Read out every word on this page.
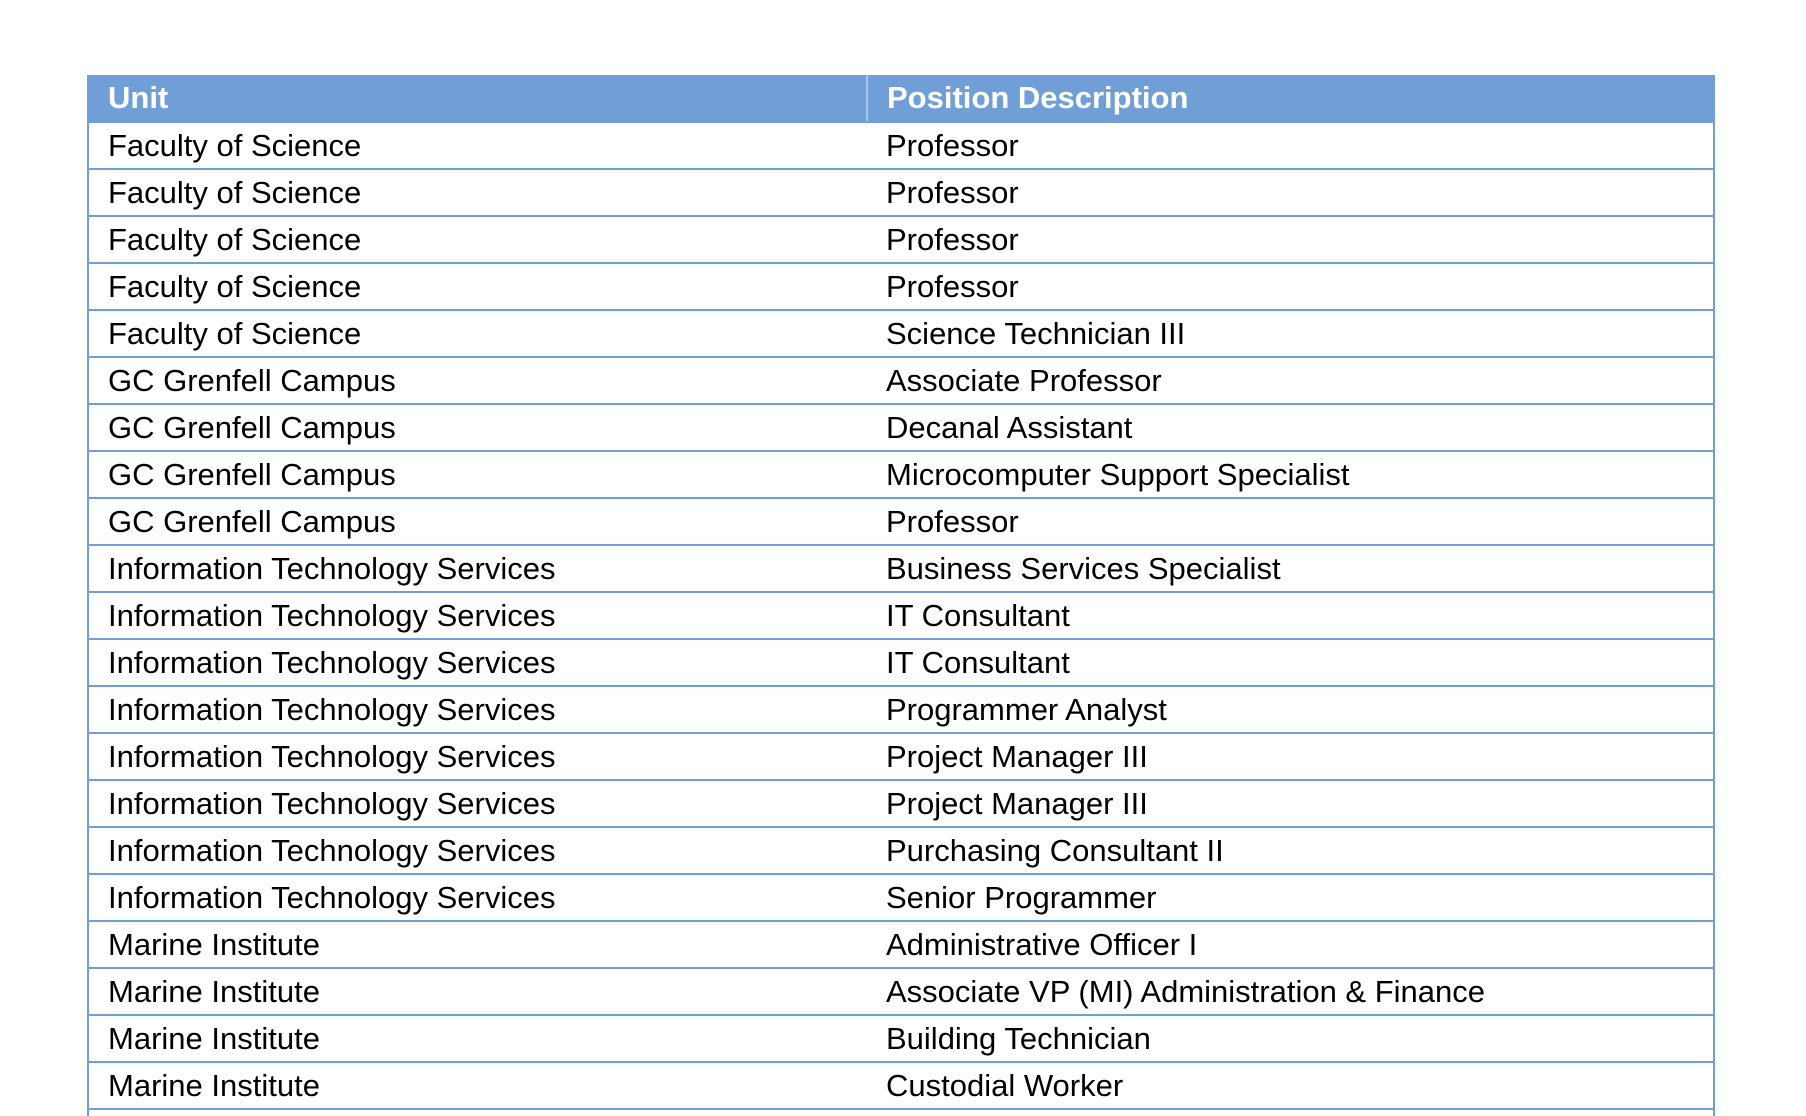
Unit	Position Description
Faculty of Science	Professor
Faculty of Science	Professor
Faculty of Science	Professor
Faculty of Science	Professor
Faculty of Science	Science Technician III
GC Grenfell Campus	Associate Professor
GC Grenfell Campus	Decanal Assistant
GC Grenfell Campus	Microcomputer Support Specialist
GC Grenfell Campus	Professor
Information Technology Services	Business Services Specialist
Information Technology Services	IT Consultant
Information Technology Services	IT Consultant
Information Technology Services	Programmer Analyst
Information Technology Services	Project Manager III
Information Technology Services	Project Manager III
Information Technology Services	Purchasing Consultant II
Information Technology Services	Senior Programmer
Marine Institute	Administrative Officer I
Marine Institute	Associate VP (MI) Administration & Finance
Marine Institute	Building Technician
Marine Institute	Custodial Worker
